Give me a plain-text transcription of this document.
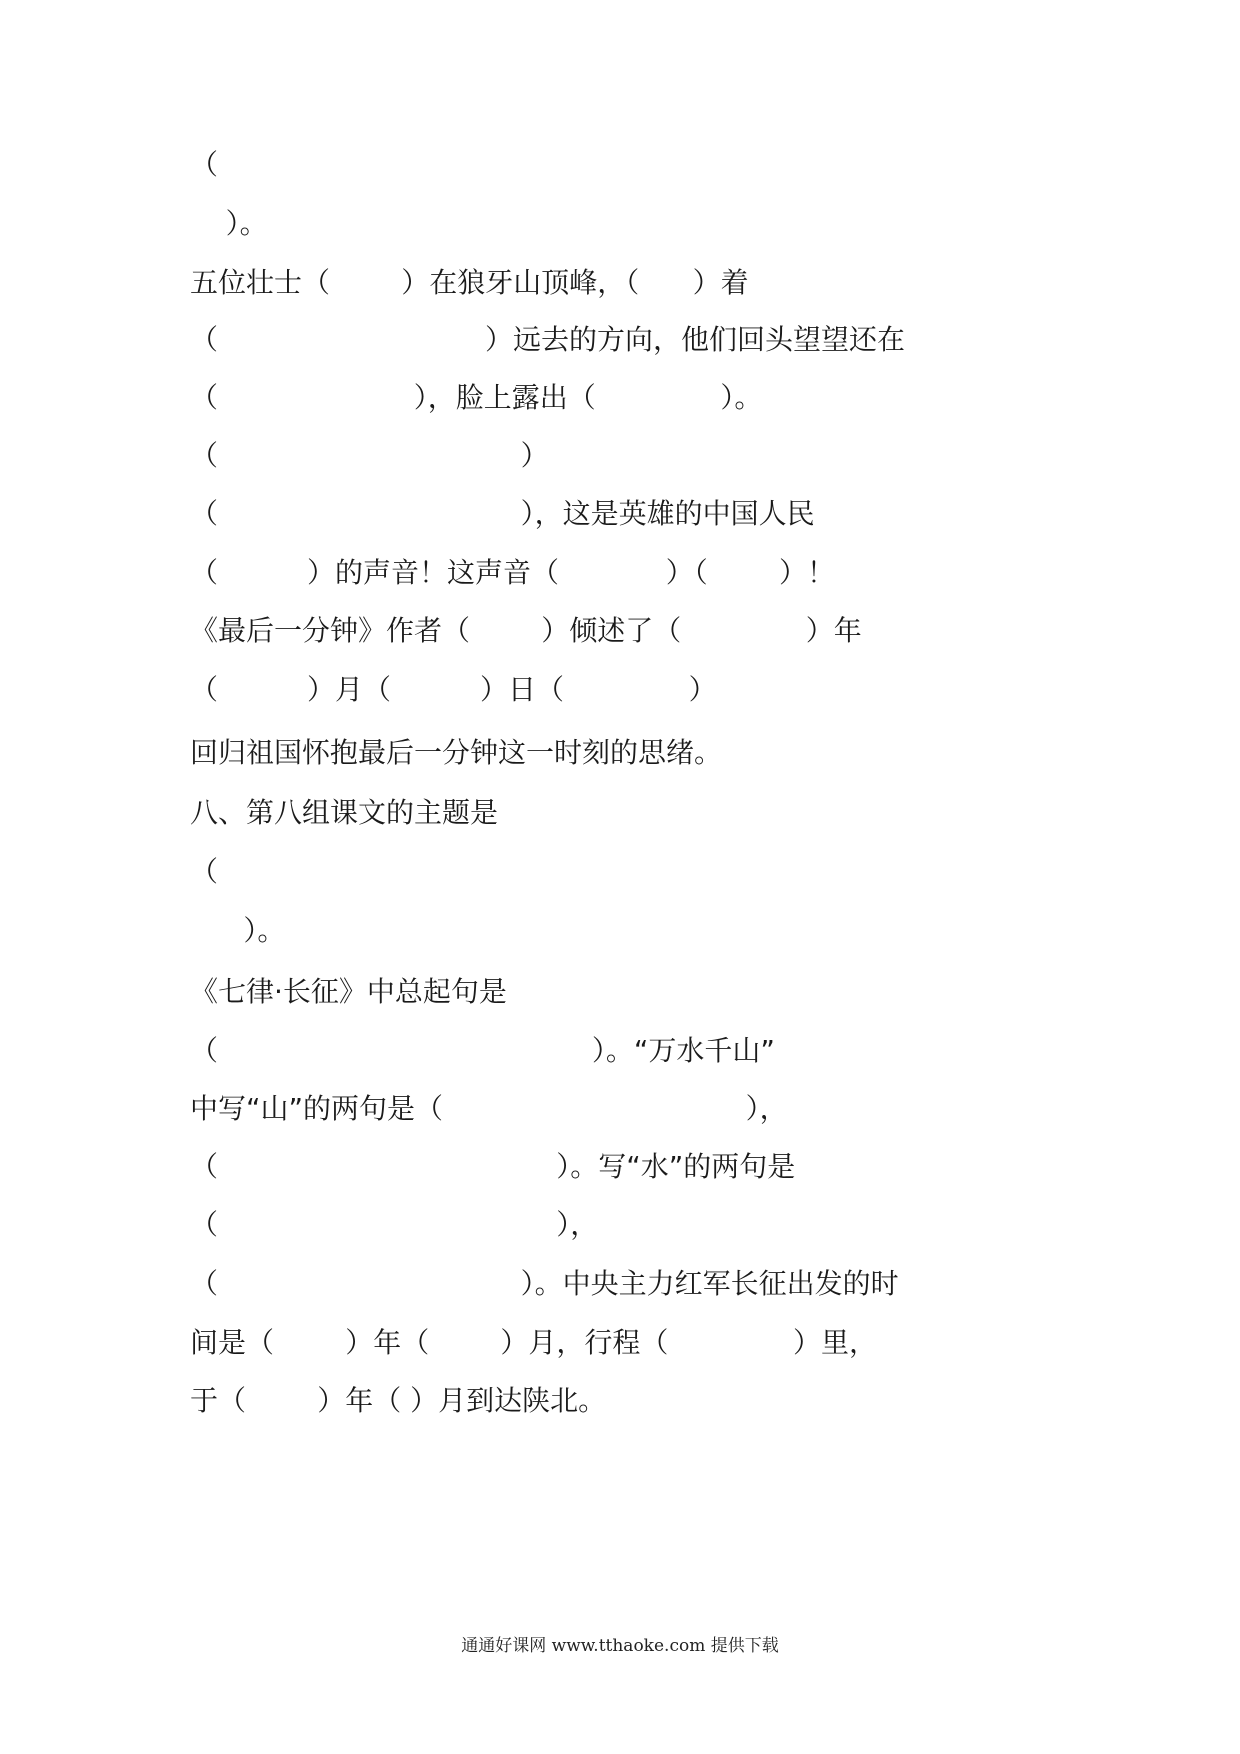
（
）。
五位壮士（        ）在狼牙山顶峰，（      ）着
（                              ）远去的方向，他们回头望望还在
（                      ），脸上露出（              ）。
（                                  ）
（                                  ），这是英雄的中国人民
（          ）的声音！这声音（            ）（        ）！
《最后一分钟》作者（        ）倾述了（              ）年
（          ）月（          ）日（              ）
回归祖国怀抱最后一分钟这一时刻的思绪。
八、第八组课文的主题是
（
）。
《七律·长征》中总起句是
（                                          ）。“万水千山”
中写“山”的两句是（                                  ），
（                                      ）。写“水”的两句是
（                                      ），
（                                  ）。中央主力红军长征出发的时
间是（        ）年（        ）月，行程（              ）里，
于（        ）年（ ）月到达陕北。
通通好课网 www.tthaoke.com 提供下载
